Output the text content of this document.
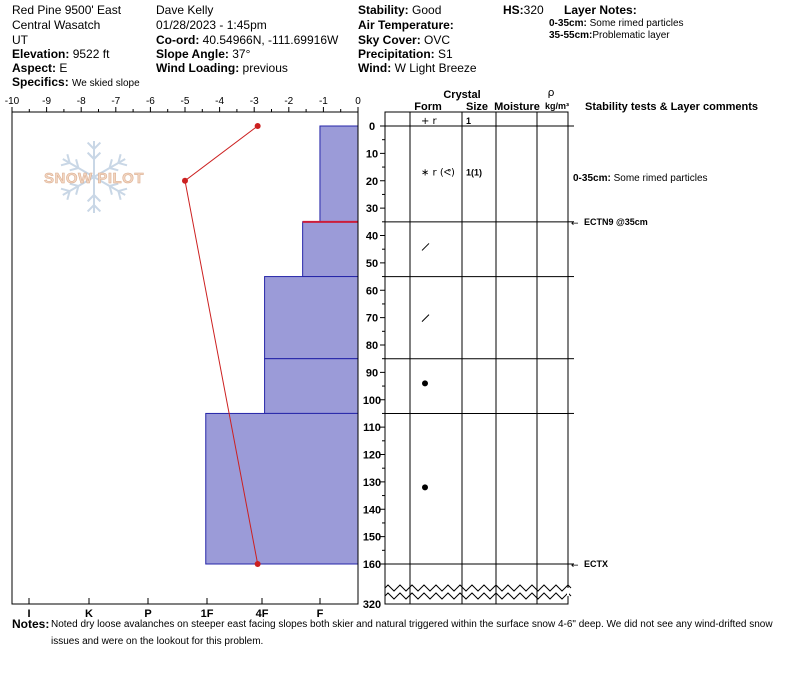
Red Pine 9500' East
Central Wasatch
UT
Elevation: 9522 ft
Aspect: E
Specifics: We skied slope
Dave Kelly
01/28/2023 - 1:45pm
Co-ord: 40.54966N, -111.69916W
Slope Angle: 37°
Wind Loading: previous
Stability: Good
Air Temperature:
Sky Cover: OVC
Precipitation: S1
Wind: W Light Breeze
HS:320 Layer Notes:
0-35cm: Some rimed particles
35-55cm:Problematic layer
SNOW PILOT
-10 -9	-8	-7	-6	-5	-4	-3	-2	-1	0
I	K	P	1F	4F	F
0
10
20
30
40
50
60
70
80
90
100
110
120
130
140
150
160
320
+ r	1
∗ r (ᕙ) 1(1)
← ECTN9 @35cm
← ECTX
0-35cm: Some rimed particles
Crystal
Form Size Moisture
ρ
kg/m³ Stability tests & Layer comments
Notes: Noted dry loose avalanches on steeper east facing slopes both skier and natural triggered within the surface snow 4-6" deep. We did not see any wind-drifted snow issues and were on the lookout for this problem.
